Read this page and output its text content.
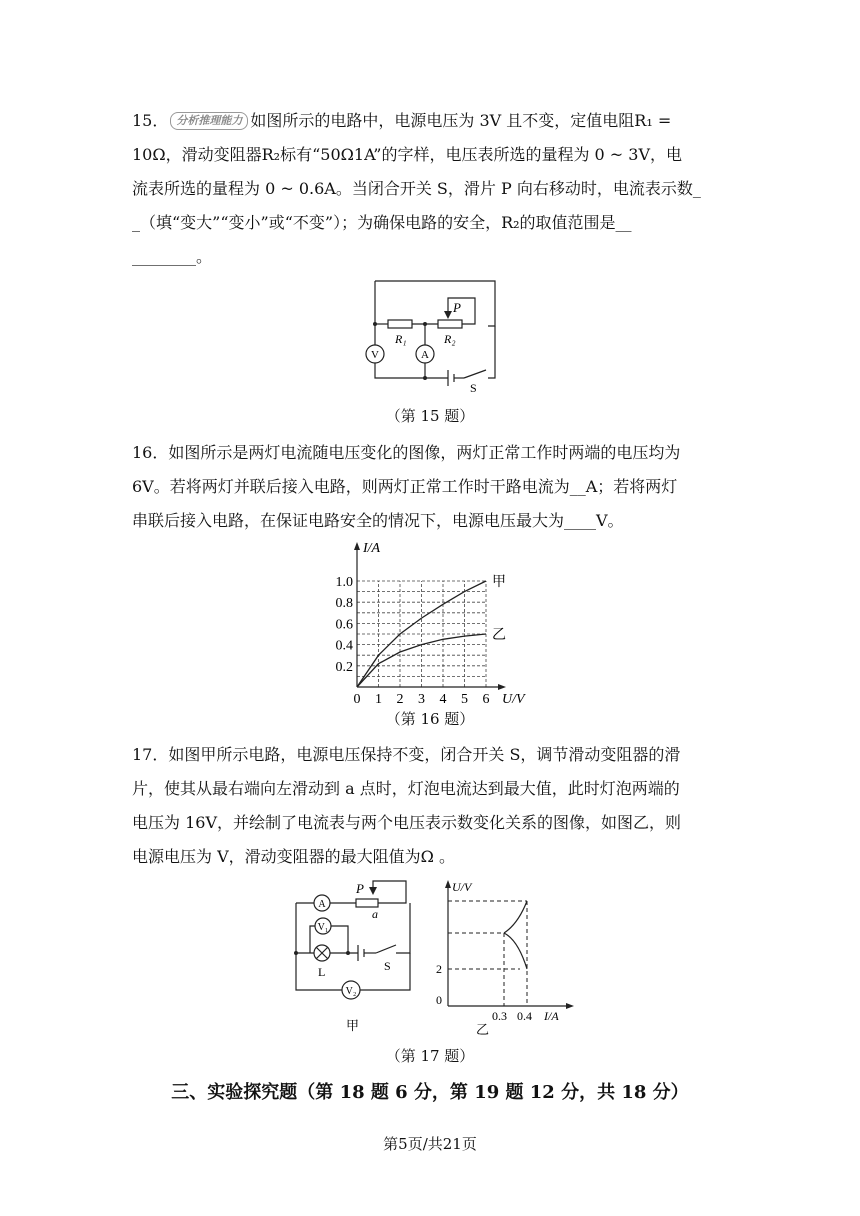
15． 分析推理能力 如图所示的电路中，电源电压为 3V 且不变，定值电阻R₁ =
10Ω，滑动变阻器R₂标有“50Ω1A”的字样，电压表所选的量程为 0 ~ 3V，电
流表所选的量程为 0 ~ 0.6A。当闭合开关 S，滑片 P 向右移动时，电流表示数_
_（填“变大”“变小”或“不变”）；为确保电路的安全，R₂的取值范围是__
________。
V	A
R₁	R₂
P
S
（第 15 题）
16．如图所示是两灯电流随电压变化的图像，两灯正常工作时两端的电压均为
6V。若将两灯并联后接入电路，则两灯正常工作时干路电流为__A；若将两灯
串联后接入电路，在保证电路安全的情况下，电源电压最大为____V。
0 1 2 3 4 5 6
0.2
0.4
0.6
0.8
1.0
I/A
U/V
甲
乙
（第 16 题）
17．如图甲所示电路，电源电压保持不变，闭合开关 S，调节滑动变阻器的滑
片，使其从最右端向左滑动到 a 点时，灯泡电流达到最大值，此时灯泡两端的
电压为 16V，并绘制了电流表与两个电压表示数变化关系的图像，如图乙，则
电源电压为 V，滑动变阻器的最大阻值为Ω 。
A
V₁
V₂
L	S
P
a
甲
U/V
I/A
0
2
0.3 0.4
乙
（第 17 题）
三、实验探究题（第 18 题 6 分，第 19 题 12 分，共 18 分）
第5页/共21页
